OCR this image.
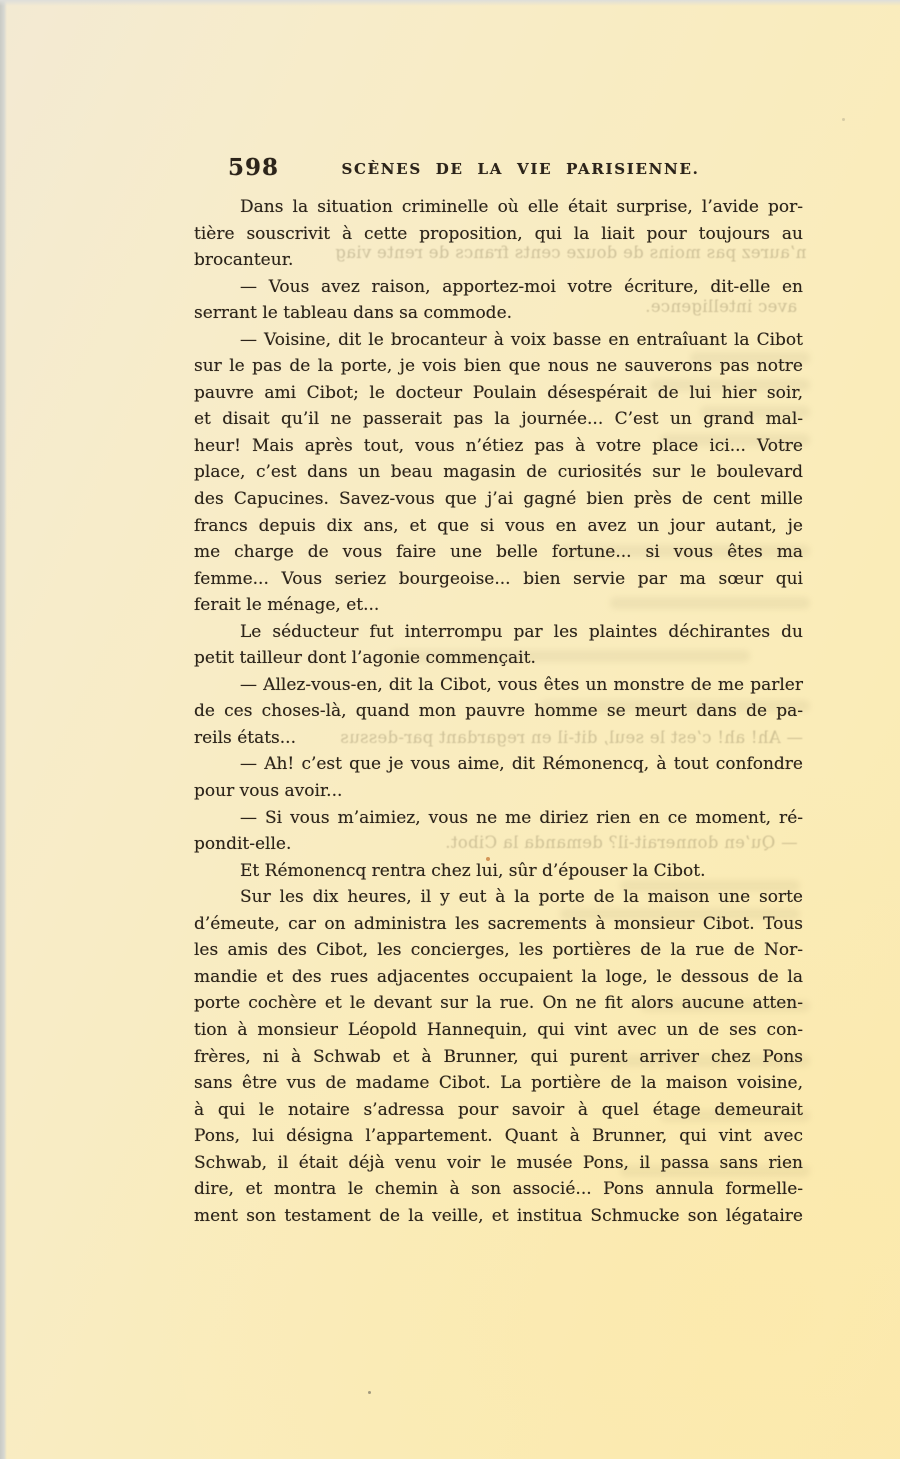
n’aurez pas moins de douze cents francs de rente viag
avec intelligence.
— Ah! ah! c’est le seul, dit-il en regardant par-dessus
— Qu’en donnerait-il? demanda la Cibot.
598	SCÈNES DE LA VIE PARISIENNE.
Dans la situation criminelle où elle était surprise, l’avide por-
tière souscrivit à cette proposition, qui la liait pour toujours au
brocanteur.
— Vous avez raison, apportez-moi votre écriture, dit-elle en
serrant le tableau dans sa commode.
— Voisine, dit le brocanteur à voix basse en entraîuant la Cibot
sur le pas de la porte, je vois bien que nous ne sauverons pas notre
pauvre ami Cibot; le docteur Poulain désespérait de lui hier soir,
et disait qu’il ne passerait pas la journée... C’est un grand mal-
heur! Mais après tout, vous n’étiez pas à votre place ici... Votre
place, c’est dans un beau magasin de curiosités sur le boulevard
des Capucines. Savez-vous que j’ai gagné bien près de cent mille
francs depuis dix ans, et que si vous en avez un jour autant, je
me charge de vous faire une belle fortune... si vous êtes ma
femme... Vous seriez bourgeoise... bien servie par ma sœur qui
ferait le ménage, et...
Le séducteur fut interrompu par les plaintes déchirantes du
petit tailleur dont l’agonie commençait.
— Allez-vous-en, dit la Cibot, vous êtes un monstre de me parler
de ces choses-là, quand mon pauvre homme se meurt dans de pa-
reils états...
— Ah! c’est que je vous aime, dit Rémonencq, à tout confondre
pour vous avoir...
— Si vous m’aimiez, vous ne me diriez rien en ce moment, ré-
pondit-elle.
Et Rémonencq rentra chez lui, sûr d’épouser la Cibot.
Sur les dix heures, il y eut à la porte de la maison une sorte
d’émeute, car on administra les sacrements à monsieur Cibot. Tous
les amis des Cibot, les concierges, les portières de la rue de Nor-
mandie et des rues adjacentes occupaient la loge, le dessous de la
porte cochère et le devant sur la rue. On ne fit alors aucune atten-
tion à monsieur Léopold Hannequin, qui vint avec un de ses con-
frères, ni à Schwab et à Brunner, qui purent arriver chez Pons
sans être vus de madame Cibot. La portière de la maison voisine,
à qui le notaire s’adressa pour savoir à quel étage demeurait
Pons, lui désigna l’appartement. Quant à Brunner, qui vint avec
Schwab, il était déjà venu voir le musée Pons, il passa sans rien
dire, et montra le chemin à son associé... Pons annula formelle-
ment son testament de la veille, et institua Schmucke son légataire
